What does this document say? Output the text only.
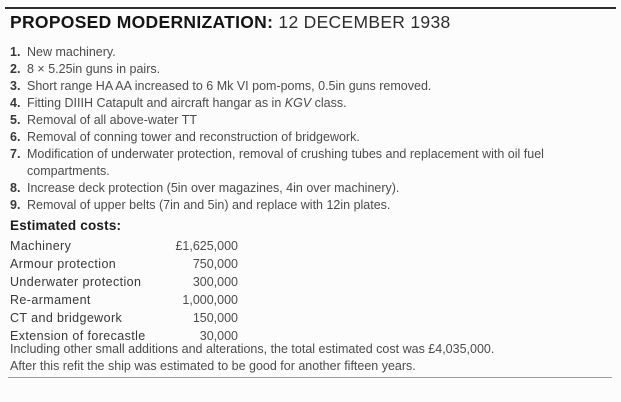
PROPOSED MODERNIZATION: 12 DECEMBER 1938
1. New machinery.
2. 8 × 5.25in guns in pairs.
3. Short range HA AA increased to 6 Mk VI pom-poms, 0.5in guns removed.
4. Fitting DIIIH Catapult and aircraft hangar as in KGV class.
5. Removal of all above-water TT
6. Removal of conning tower and reconstruction of bridgework.
7. Modification of underwater protection, removal of crushing tubes and replacement with oil fuel compartments.
8. Increase deck protection (5in over magazines, 4in over machinery).
9. Removal of upper belts (7in and 5in) and replace with 12in plates.
Estimated costs:
Machinery	£1,625,000
Armour protection	750,000
Underwater protection	300,000
Re-armament	1,000,000
CT and bridgework	150,000
Extension of forecastle	30,000

Including other small additions and alterations, the total estimated cost was £4,035,000.

After this refit the ship was estimated to be good for another fifteen years.
